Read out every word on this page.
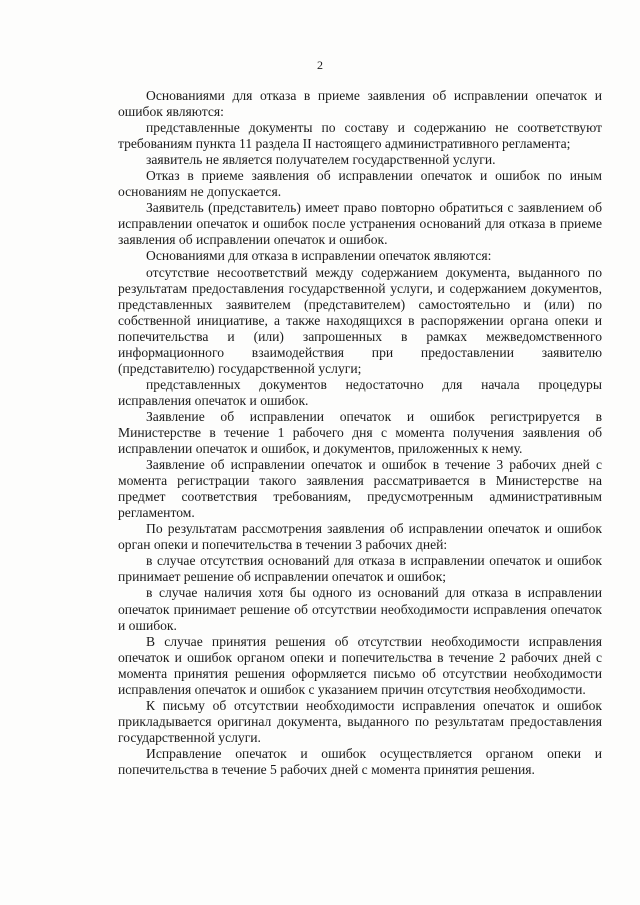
2

Основаниями для отказа в приеме заявления об исправлении опечаток и ошибок являются:

представленные документы по составу и содержанию не соответствуют требованиям пункта 11 раздела II настоящего административного регламента;

заявитель не является получателем государственной услуги.

Отказ в приеме заявления об исправлении опечаток и ошибок по иным основаниям не допускается.

Заявитель (представитель) имеет право повторно обратиться с заявлением об исправлении опечаток и ошибок после устранения оснований для отказа в приеме заявления об исправлении опечаток и ошибок.

Основаниями для отказа в исправлении опечаток являются:

отсутствие несоответствий между содержанием документа, выданного по результатам предоставления государственной услуги, и содержанием документов, представленных заявителем (представителем) самостоятельно и (или) по собственной инициативе, а также находящихся в распоряжении органа опеки и попечительства и (или) запрошенных в рамках межведомственного информационного взаимодействия при предоставлении заявителю (представителю) государственной услуги;

представленных документов недостаточно для начала процедуры исправления опечаток и ошибок.

Заявление об исправлении опечаток и ошибок регистрируется в Министерстве в течение 1 рабочего дня с момента получения заявления об исправлении опечаток и ошибок, и документов, приложенных к нему.

Заявление об исправлении опечаток и ошибок в течение 3 рабочих дней с момента регистрации такого заявления рассматривается в Министерстве на предмет соответствия требованиям, предусмотренным административным регламентом.

По результатам рассмотрения заявления об исправлении опечаток и ошибок орган опеки и попечительства в течении 3 рабочих дней:

в случае отсутствия оснований для отказа в исправлении опечаток и ошибок принимает решение об исправлении опечаток и ошибок;

в случае наличия хотя бы одного из оснований для отказа в исправлении опечаток принимает решение об отсутствии необходимости исправления опечаток и ошибок.

В случае принятия решения об отсутствии необходимости исправления опечаток и ошибок органом опеки и попечительства в течение 2 рабочих дней с момента принятия решения оформляется письмо об отсутствии необходимости исправления опечаток и ошибок с указанием причин отсутствия необходимости.

К письму об отсутствии необходимости исправления опечаток и ошибок прикладывается оригинал документа, выданного по результатам предоставления государственной услуги.

Исправление опечаток и ошибок осуществляется органом опеки и попечительства в течение 5 рабочих дней с момента принятия решения.
